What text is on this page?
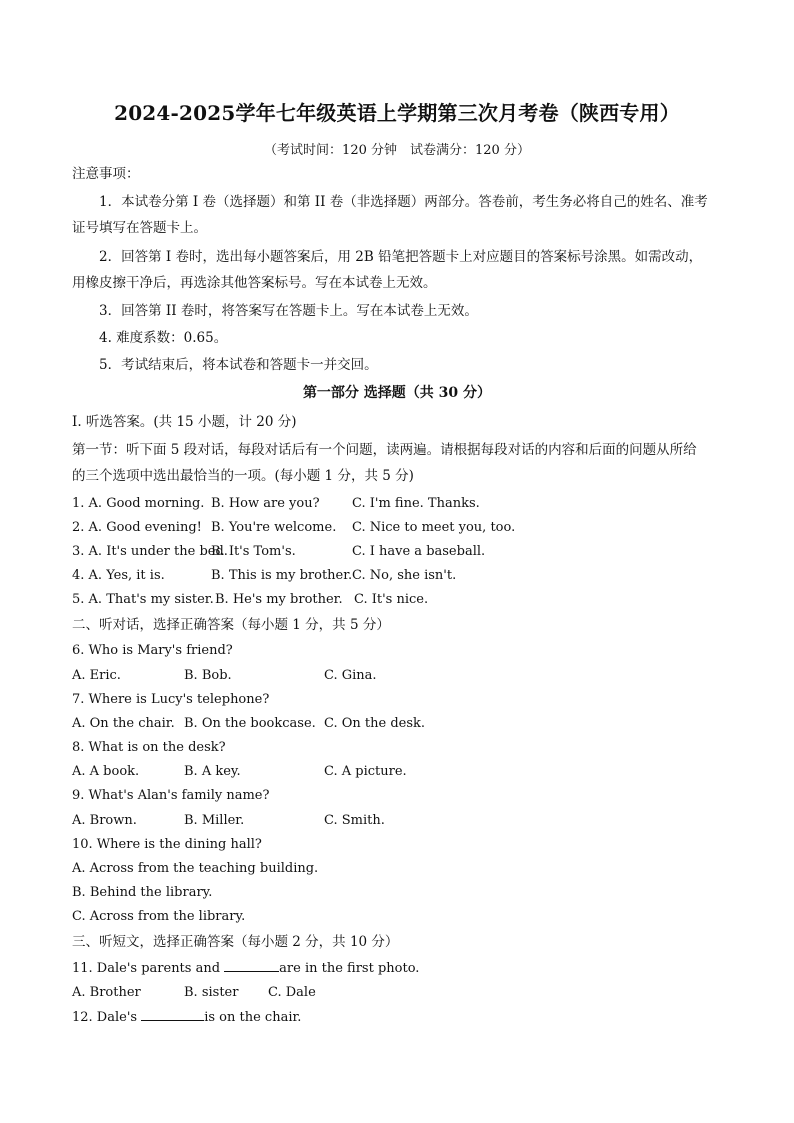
2024-2025学年七年级英语上学期第三次月考卷（陕西专用）
（考试时间：120 分钟　试卷满分：120 分）
注意事项：
1．本试卷分第 I 卷（选择题）和第 II 卷（非选择题）两部分。答卷前，考生务必将自己的姓名、准考
证号填写在答题卡上。
2．回答第 I 卷时，选出每小题答案后，用 2B 铅笔把答题卡上对应题目的答案标号涂黑。如需改动，
用橡皮擦干净后，再选涂其他答案标号。写在本试卷上无效。
3．回答第 II 卷时，将答案写在答题卡上。写在本试卷上无效。
4. 难度系数：0.65。
5．考试结束后，将本试卷和答题卡一并交回。
第一部分 选择题（共 30 分）
I. 听选答案。(共 15 小题，计 20 分)
第一节：听下面 5 段对话，每段对话后有一个问题，读两遍。请根据每段对话的内容和后面的问题从所给
的三个选项中选出最恰当的一项。(每小题 1 分，共 5 分)
1. A. Good morning. B. How are you? C. I'm fine. Thanks.
2. A. Good evening! B. You're welcome. C. Nice to meet you, too.
3. A. It's under the bed.
B. It's Tom's.	C. I have a baseball.
4. A. Yes, it is.	B. This is my brother. C. No, she isn't.
5. A. That's my sister. B. He's my brother. C. It's nice.
二、听对话，选择正确答案（每小题 1 分，共 5 分）
6. Who is Mary's friend?
A. Eric.	B. Bob.	C. Gina.
7. Where is Lucy's telephone?
A. On the chair. B. On the bookcase. C. On the desk.
8. What is on the desk?
A. A book.	B. A key.	C. A picture.
9. What's Alan's family name?
A. Brown.	B. Miller.	C. Smith.
10. Where is the dining hall?
A. Across from the teaching building.
B. Behind the library.
C. Across from the library.
三、听短文，选择正确答案（每小题 2 分，共 10 分）
11. Dale's parents and	are in the first photo.
A. Brother	B. sister C. Dale
12. Dale's	is on the chair.
